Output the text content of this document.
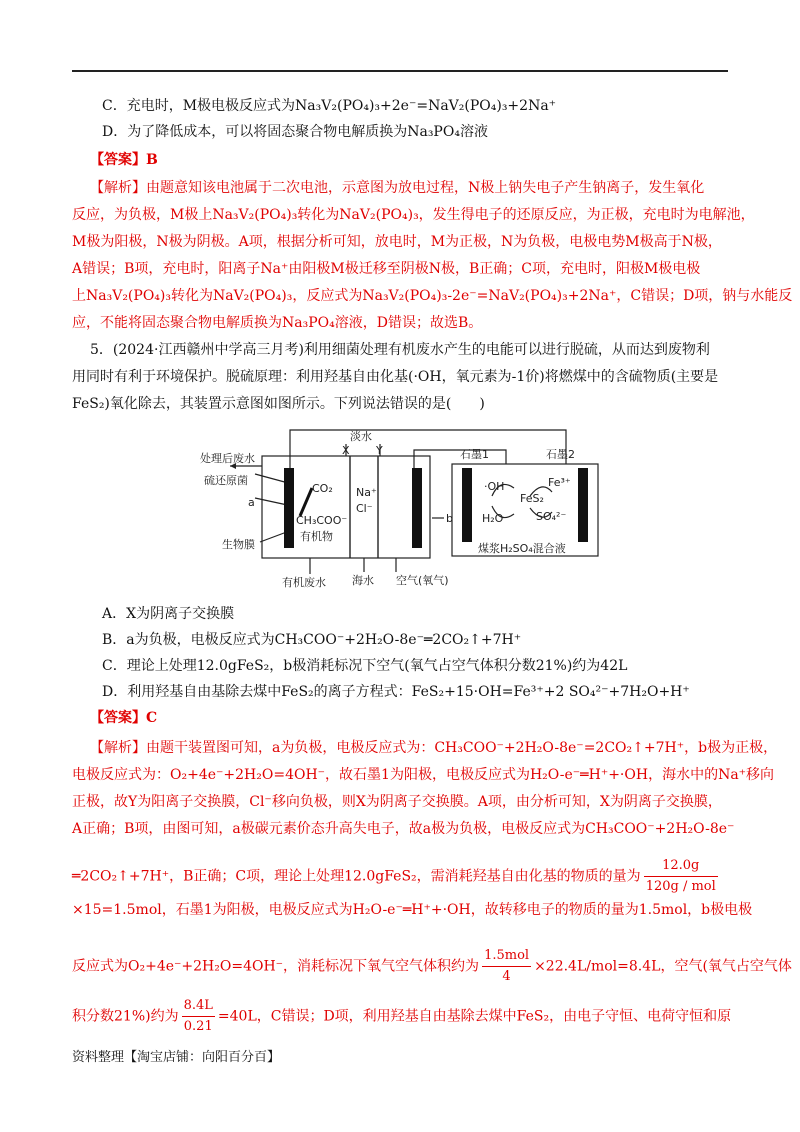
C．充电时，M极电极反应式为Na₃V₂(PO₄)₃+2e⁻=NaV₂(PO₄)₃+2Na⁺
D．为了降低成本，可以将固态聚合物电解质换为Na₃PO₄溶液
【答案】B
【解析】由题意知该电池属于二次电池，示意图为放电过程，N极上钠失电子产生钠离子，发生氧化
反应，为负极，M极上Na₃V₂(PO₄)₃转化为NaV₂(PO₄)₃，发生得电子的还原反应，为正极，充电时为电解池，
M极为阳极，N极为阴极。A项，根据分析可知，放电时，M为正极，N为负极，电极电势M极高于N极，
A错误；B项，充电时，阳离子Na⁺由阳极M极迁移至阴极N极，B正确；C项，充电时，阳极M极电极
上Na₃V₂(PO₄)₃转化为NaV₂(PO₄)₃，反应式为Na₃V₂(PO₄)₃-2e⁻=NaV₂(PO₄)₃+2Na⁺，C错误；D项，钠与水能反
应，不能将固态聚合物电解质换为Na₃PO₄溶液，D错误；故选B。
5．(2024·江西赣州中学高三月考)利用细菌处理有机废水产生的电能可以进行脱硫，从而达到废物利
用同时有利于环境保护。脱硫原理：利用羟基自由化基(·OH，氧元素为-1价)将燃煤中的含硫物质(主要是
FeS₂)氧化除去，其装置示意图如图所示。下列说法错误的是(　　)
淡水
处理后废水
硫还原菌
a
CO₂ Na⁺
Cl⁻
CH₃COO⁻
有机物
生物膜
b
有机废水 海水 空气(氧气)
X Y	石墨1	石墨2
·OH
H₂O
FeS₂
Fe³⁺
SO₄²⁻
煤浆H₂SO₄混合液
A．X为阴离子交换膜
B．a为负极，电极反应式为CH₃COO⁻+2H₂O-8e⁻═2CO₂↑+7H⁺
C．理论上处理12.0gFeS₂，b极消耗标况下空气(氧气占空气体积分数21%)约为42L
D．利用羟基自由基除去煤中FeS₂的离子方程式：FeS₂+15·OH=Fe³⁺+2 SO₄²⁻+7H₂O+H⁺
【答案】C
【解析】由题干装置图可知，a为负极，电极反应式为：CH₃COO⁻+2H₂O-8e⁻=2CO₂↑+7H⁺，b极为正极，
电极反应式为：O₂+4e⁻+2H₂O=4OH⁻，故石墨1为阳极，电极反应式为H₂O-e⁻═H⁺+·OH，海水中的Na⁺移向
正极，故Y为阳离子交换膜，Cl⁻移向负极，则X为阴离子交换膜。A项，由分析可知，X为阴离子交换膜，
A正确；B项，由图可知，a极碳元素价态升高失电子，故a极为负极，电极反应式为CH₃COO⁻+2H₂O-8e⁻
═2CO₂↑+7H⁺，B正确；C项，理论上处理12.0gFeS₂，需消耗羟基自由化基的物质的量为 $\frac{12.0g}{\text{120g / mol}}$
×15=1.5mol，石墨1为阳极，电极反应式为H₂O-e⁻═H⁺+·OH，故转移电子的物质的量为1.5mol，b极电极
反应式为O₂+4e⁻+2H₂O=4OH⁻，消耗标况下氧气空气体积约为 $\frac{\text{1.5mol}}{4} \times 22.4L/mol=8.4L$，空气(氧气占空气体
积分数21%)约为 $\frac{8.4L}{0.21} =40L$，C错误；D项，利用羟基自由基除去煤中FeS₂，由电子守恒、电荷守恒和原
资料整理【淘宝店铺：向阳百分百】
